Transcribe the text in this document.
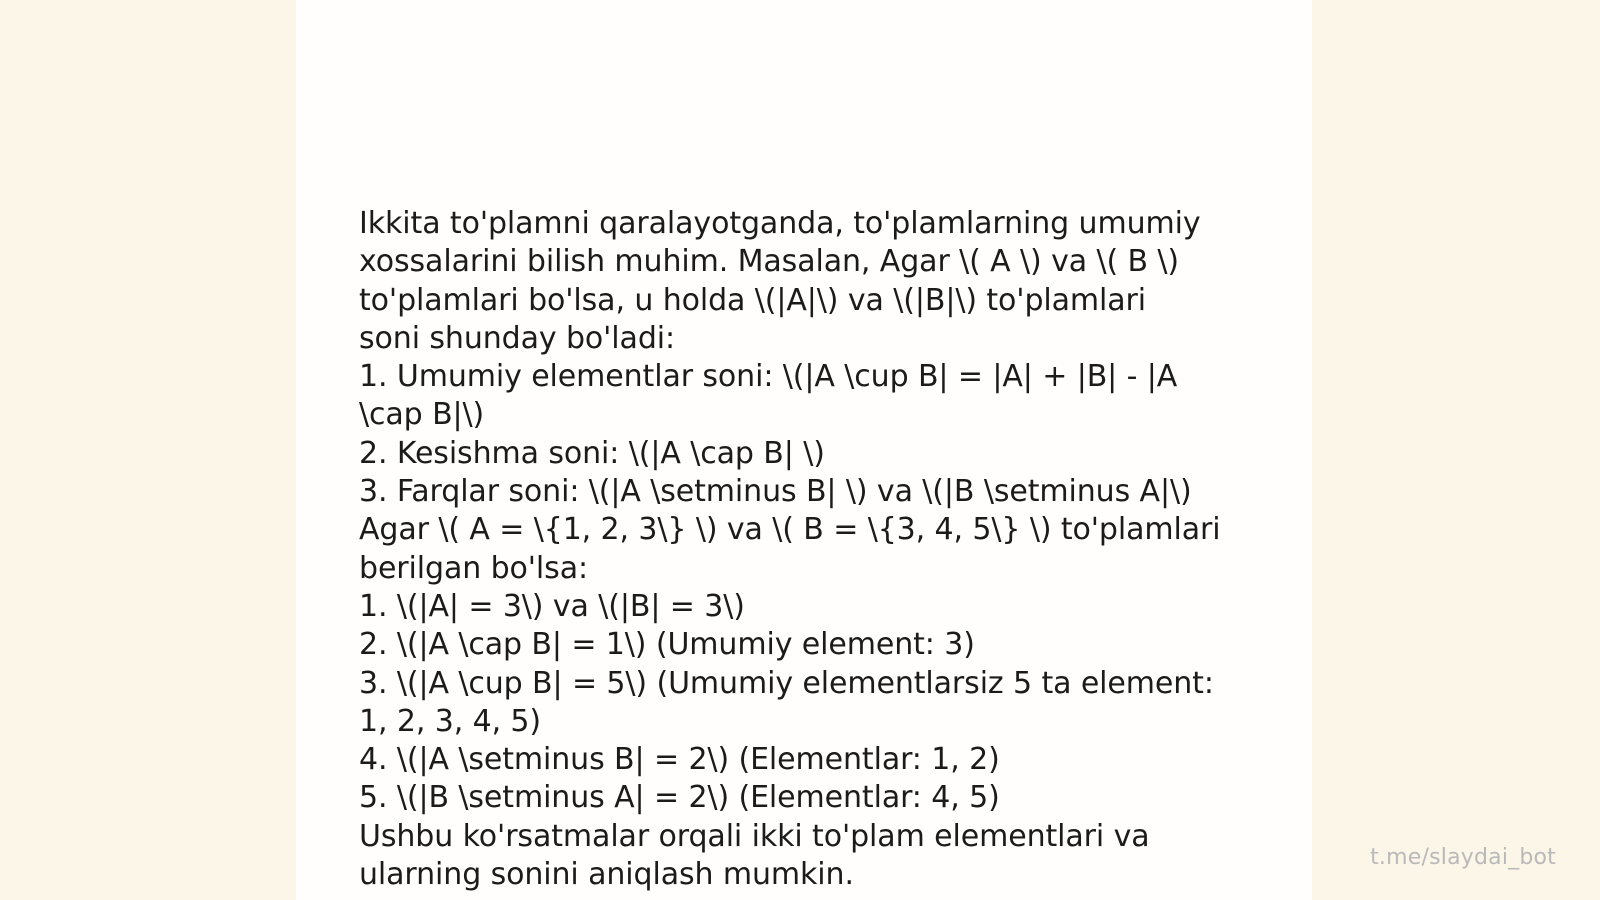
Ikkita to'plamni qaralayotganda, to'plamlarning umumiy
xossalarini bilish muhim. Masalan, Agar \( A \) va \( B \)
to'plamlari bo'lsa, u holda \(|A|\) va \(|B|\) to'plamlari
soni shunday bo'ladi:
1. Umumiy elementlar soni: \(|A \cup B| = |A| + |B| - |A
\cap B|\)
2. Kesishma soni: \(|A \cap B| \)
3. Farqlar soni: \(|A \setminus B| \) va \(|B \setminus A|\)
Agar \( A = \{1, 2, 3\} \) va \( B = \{3, 4, 5\} \) to'plamlari
berilgan bo'lsa:
1. \(|A| = 3\) va \(|B| = 3\)
2. \(|A \cap B| = 1\) (Umumiy element: 3)
3. \(|A \cup B| = 5\) (Umumiy elementlarsiz 5 ta element:
1, 2, 3, 4, 5)
4. \(|A \setminus B| = 2\) (Elementlar: 1, 2)
5. \(|B \setminus A| = 2\) (Elementlar: 4, 5)
Ushbu ko'rsatmalar orqali ikki to'plam elementlari va
ularning sonini aniqlash mumkin.	t.me/slaydai_bot
